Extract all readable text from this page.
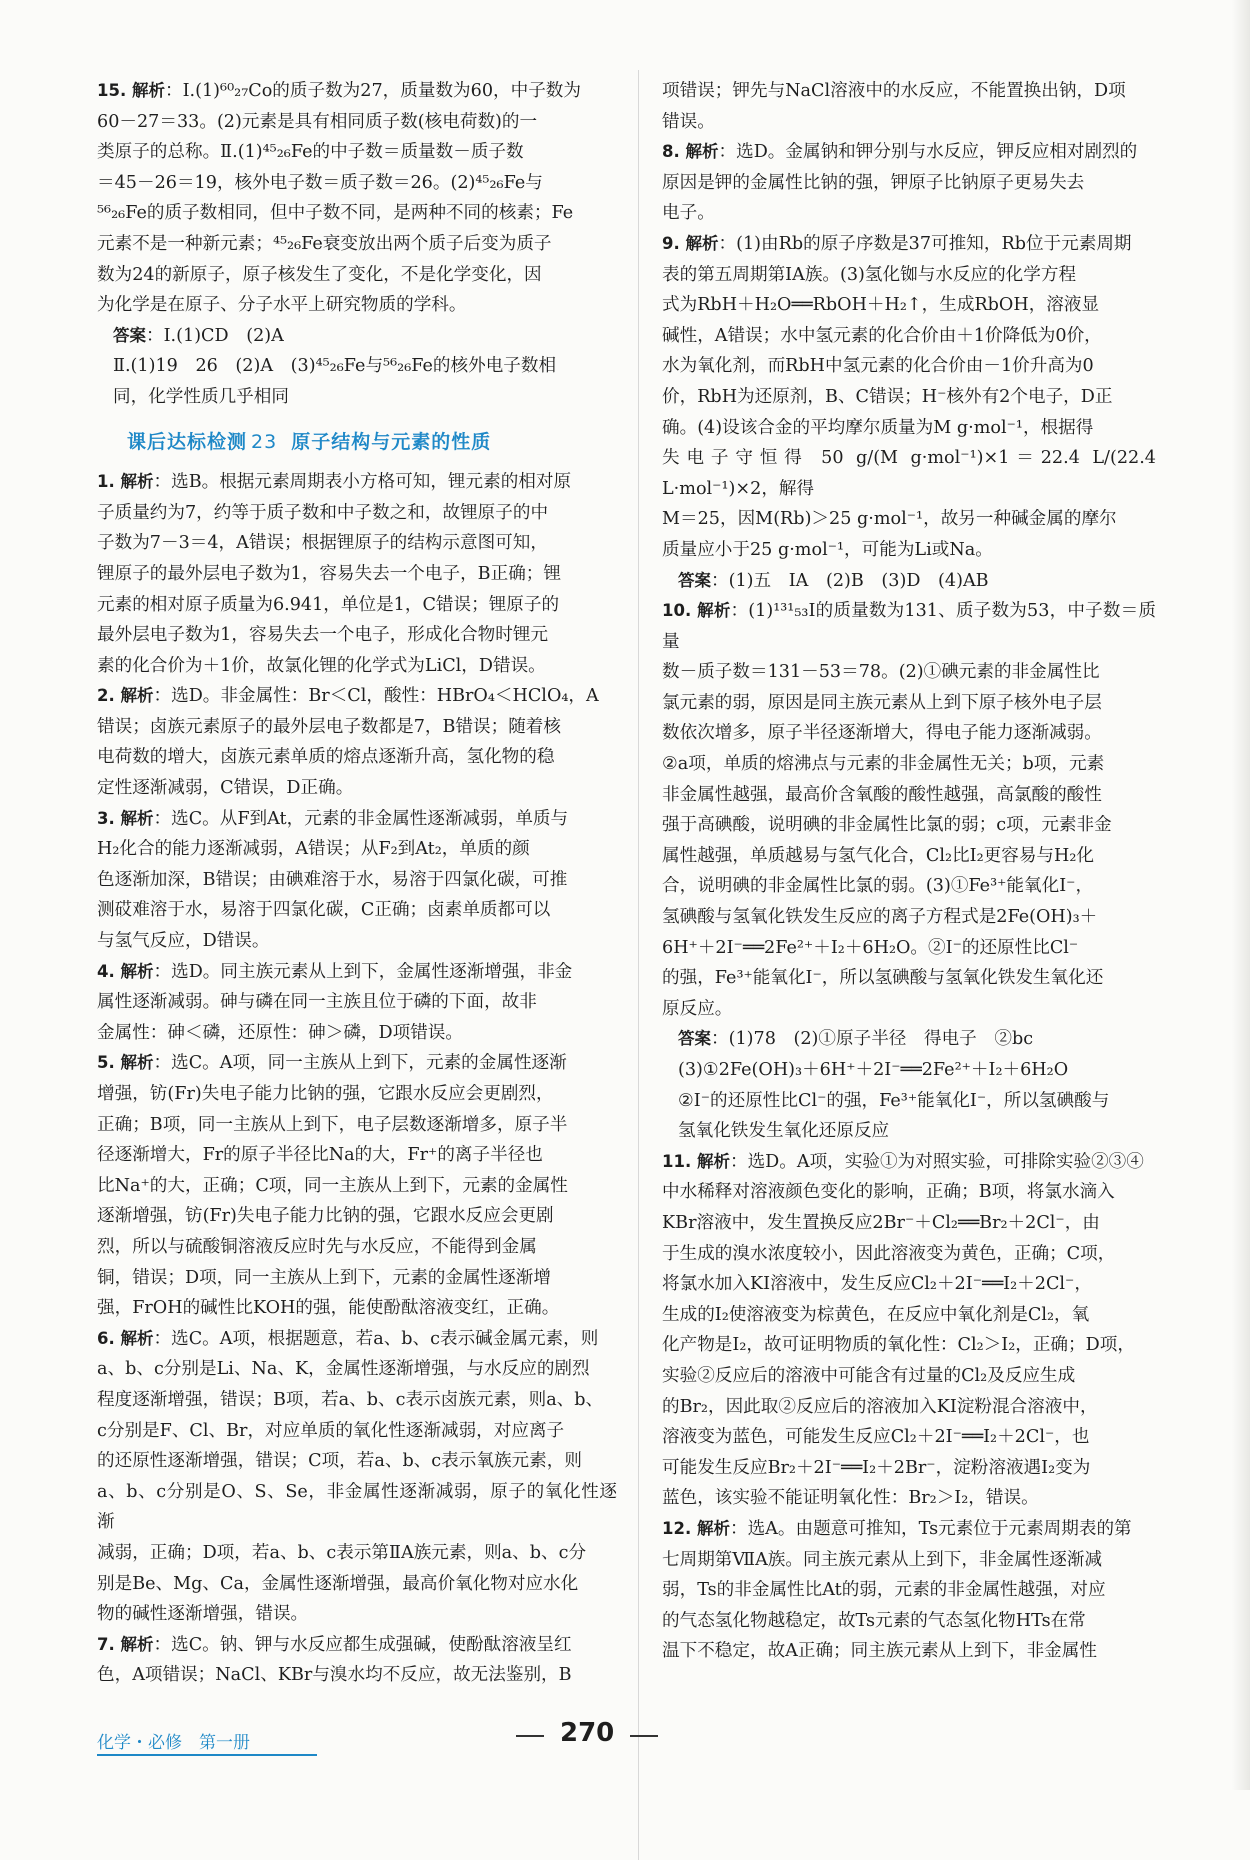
15. 解析：Ⅰ.(1)⁶⁰₂₇Co的质子数为27，质量数为60，中子数为
60－27＝33。(2)元素是具有相同质子数(核电荷数)的一
类原子的总称。Ⅱ.(1)⁴⁵₂₆Fe的中子数＝质量数－质子数
＝45－26＝19，核外电子数＝质子数＝26。(2)⁴⁵₂₆Fe与
⁵⁶₂₆Fe的质子数相同，但中子数不同，是两种不同的核素；Fe
元素不是一种新元素；⁴⁵₂₆Fe衰变放出两个质子后变为质子
数为24的新原子，原子核发生了变化，不是化学变化，因
为化学是在原子、分子水平上研究物质的学科。
答案：Ⅰ.(1)CD　(2)A
Ⅱ.(1)19　26　(2)A　(3)⁴⁵₂₆Fe与⁵⁶₂₆Fe的核外电子数相
同，化学性质几乎相同
课后达标检测 23 原子结构与元素的性质
1. 解析：选B。根据元素周期表小方格可知，锂元素的相对原
子质量约为7，约等于质子数和中子数之和，故锂原子的中
子数为7－3＝4，A错误；根据锂原子的结构示意图可知，
锂原子的最外层电子数为1，容易失去一个电子，B正确；锂
元素的相对原子质量为6.941，单位是1，C错误；锂原子的
最外层电子数为1，容易失去一个电子，形成化合物时锂元
素的化合价为＋1价，故氯化锂的化学式为LiCl，D错误。
2. 解析：选D。非金属性：Br＜Cl，酸性：HBrO₄＜HClO₄，A
错误；卤族元素原子的最外层电子数都是7，B错误；随着核
电荷数的增大，卤族元素单质的熔点逐渐升高，氢化物的稳
定性逐渐减弱，C错误，D正确。
3. 解析：选C。从F到At，元素的非金属性逐渐减弱，单质与
H₂化合的能力逐渐减弱，A错误；从F₂到At₂，单质的颜
色逐渐加深，B错误；由碘难溶于水，易溶于四氯化碳，可推
测砹难溶于水，易溶于四氯化碳，C正确；卤素单质都可以
与氢气反应，D错误。
4. 解析：选D。同主族元素从上到下，金属性逐渐增强，非金
属性逐渐减弱。砷与磷在同一主族且位于磷的下面，故非
金属性：砷＜磷，还原性：砷＞磷，D项错误。
5. 解析：选C。A项，同一主族从上到下，元素的金属性逐渐
增强，钫(Fr)失电子能力比钠的强，它跟水反应会更剧烈，
正确；B项，同一主族从上到下，电子层数逐渐增多，原子半
径逐渐增大，Fr的原子半径比Na的大，Fr⁺的离子半径也
比Na⁺的大，正确；C项，同一主族从上到下，元素的金属性
逐渐增强，钫(Fr)失电子能力比钠的强，它跟水反应会更剧
烈，所以与硫酸铜溶液反应时先与水反应，不能得到金属
铜，错误；D项，同一主族从上到下，元素的金属性逐渐增
强，FrOH的碱性比KOH的强，能使酚酞溶液变红，正确。
6. 解析：选C。A项，根据题意，若a、b、c表示碱金属元素，则
a、b、c分别是Li、Na、K，金属性逐渐增强，与水反应的剧烈
程度逐渐增强，错误；B项，若a、b、c表示卤族元素，则a、b、
c分别是F、Cl、Br，对应单质的氧化性逐渐减弱，对应离子
的还原性逐渐增强，错误；C项，若a、b、c表示氧族元素，则
a、b、c分别是O、S、Se，非金属性逐渐减弱，原子的氧化性逐渐
减弱，正确；D项，若a、b、c表示第ⅡA族元素，则a、b、c分
别是Be、Mg、Ca，金属性逐渐增强，最高价氧化物对应水化
物的碱性逐渐增强，错误。
7. 解析：选C。钠、钾与水反应都生成强碱，使酚酞溶液呈红
色，A项错误；NaCl、KBr与溴水均不反应，故无法鉴别，B
项错误；钾先与NaCl溶液中的水反应，不能置换出钠，D项
错误。
8. 解析：选D。金属钠和钾分别与水反应，钾反应相对剧烈的
原因是钾的金属性比钠的强，钾原子比钠原子更易失去
电子。
9. 解析：(1)由Rb的原子序数是37可推知，Rb位于元素周期
表的第五周期第ⅠA族。(3)氢化铷与水反应的化学方程
式为RbH＋H₂O══RbOH＋H₂↑，生成RbOH，溶液显
碱性，A错误；水中氢元素的化合价由＋1价降低为0价，
水为氧化剂，而RbH中氢元素的化合价由－1价升高为0
价，RbH为还原剂，B、C错误；H⁻核外有2个电子，D正
确。(4)设该合金的平均摩尔质量为M g·mol⁻¹，根据得
失电子守恒得 50 g/(M g·mol⁻¹)×1＝22.4 L/(22.4 L·mol⁻¹)×2，解得
M＝25，因M(Rb)＞25 g·mol⁻¹，故另一种碱金属的摩尔
质量应小于25 g·mol⁻¹，可能为Li或Na。
答案：(1)五　ⅠA　(2)B　(3)D　(4)AB
10. 解析：(1)¹³¹₅₃I的质量数为131、质子数为53，中子数＝质量
数－质子数＝131－53＝78。(2)①碘元素的非金属性比
氯元素的弱，原因是同主族元素从上到下原子核外电子层
数依次增多，原子半径逐渐增大，得电子能力逐渐减弱。
②a项，单质的熔沸点与元素的非金属性无关；b项，元素
非金属性越强，最高价含氧酸的酸性越强，高氯酸的酸性
强于高碘酸，说明碘的非金属性比氯的弱；c项，元素非金
属性越强，单质越易与氢气化合，Cl₂比I₂更容易与H₂化
合，说明碘的非金属性比氯的弱。(3)①Fe³⁺能氧化I⁻，
氢碘酸与氢氧化铁发生反应的离子方程式是2Fe(OH)₃＋
6H⁺＋2I⁻══2Fe²⁺＋I₂＋6H₂O。②I⁻的还原性比Cl⁻
的强，Fe³⁺能氧化I⁻，所以氢碘酸与氢氧化铁发生氧化还
原反应。
答案：(1)78　(2)①原子半径　得电子　②bc
(3)①2Fe(OH)₃＋6H⁺＋2I⁻══2Fe²⁺＋I₂＋6H₂O
②I⁻的还原性比Cl⁻的强，Fe³⁺能氧化I⁻，所以氢碘酸与
氢氧化铁发生氧化还原反应
11. 解析：选D。A项，实验①为对照实验，可排除实验②③④
中水稀释对溶液颜色变化的影响，正确；B项，将氯水滴入
KBr溶液中，发生置换反应2Br⁻＋Cl₂══Br₂＋2Cl⁻，由
于生成的溴水浓度较小，因此溶液变为黄色，正确；C项，
将氯水加入KI溶液中，发生反应Cl₂＋2I⁻══I₂＋2Cl⁻，
生成的I₂使溶液变为棕黄色，在反应中氧化剂是Cl₂，氧
化产物是I₂，故可证明物质的氧化性：Cl₂＞I₂，正确；D项，
实验②反应后的溶液中可能含有过量的Cl₂及反应生成
的Br₂，因此取②反应后的溶液加入KI淀粉混合溶液中，
溶液变为蓝色，可能发生反应Cl₂＋2I⁻══I₂＋2Cl⁻，也
可能发生反应Br₂＋2I⁻══I₂＋2Br⁻，淀粉溶液遇I₂变为
蓝色，该实验不能证明氧化性：Br₂＞I₂，错误。
12. 解析：选A。由题意可推知，Ts元素位于元素周期表的第
七周期第ⅦA族。同主族元素从上到下，非金属性逐渐减
弱，Ts的非金属性比At的弱，元素的非金属性越强，对应
的气态氢化物越稳定，故Ts元素的气态氢化物HTs在常
温下不稳定，故A正确；同主族元素从上到下，非金属性
化学・必修　第一册	270
